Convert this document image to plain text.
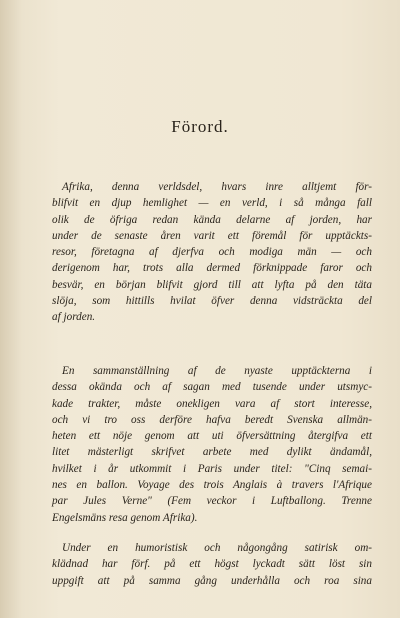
Förord.
Afrika, denna verldsdel, hvars inre alltjemt för-
blifvit en djup hemlighet — en verld, i så många fall
olik de öfriga redan kända delarne af jorden, har
under de senaste åren varit ett föremål för upptäckts-
resor, företagna af djerfva och modiga män — och
derigenom har, trots alla dermed förknippade faror och
besvär, en början blifvit gjord till att lyfta på den täta
slöja, som hittills hvilat öfver denna vidsträckta del
af jorden.
En sammanställning af de nyaste upptäckterna i
dessa okända och af sagan med tusende under utsmyc-
kade trakter, måste onekligen vara af stort interesse,
och vi tro oss derföre hafva beredt Svenska allmän-
heten ett nöje genom att uti öfversättning återgifva ett
litet mästerligt skrifvet arbete med dylikt ändamål,
hvilket i år utkommit i Paris under titel: "Cinq semai-
nes en ballon. Voyage des trois Anglais à travers l'Afrique
par Jules Verne" (Fem veckor i Luftballong. Trenne
Engelsmäns resa genom Afrika).
Under en humoristisk och någongång satirisk om-
klädnad har förf. på ett högst lyckadt sätt löst sin
uppgift att på samma gång underhålla och roa sina
